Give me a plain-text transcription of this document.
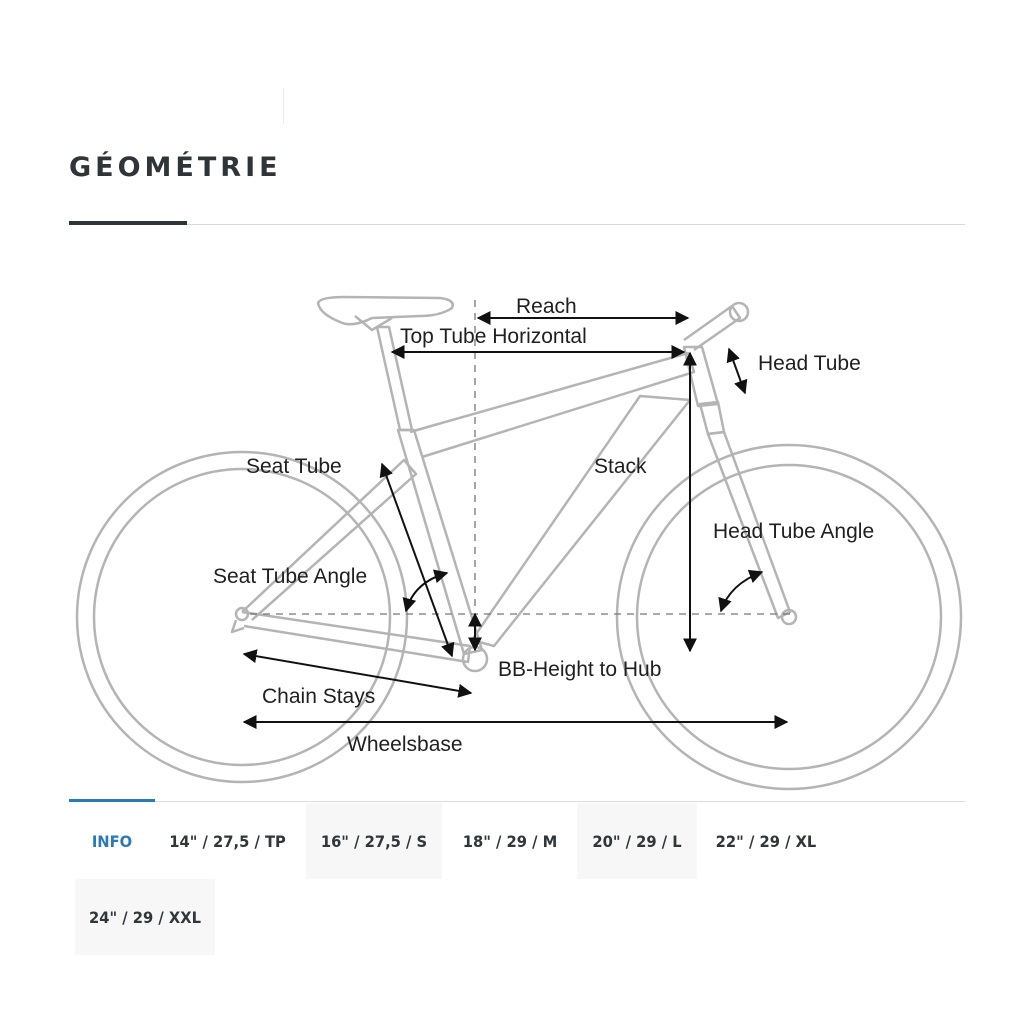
GÉOMÉTRIE
Reach
Top Tube Horizontal
Head Tube
Seat Tube	Stack
Head Tube Angle
Seat Tube Angle
BB-Height to Hub
Chain Stays
Wheelsbase
INFO	14" / 27,5 / TP	16" / 27,5 / S	18" / 29 / M	20" / 29 / L	22" / 29 / XL
24" / 29 / XXL
